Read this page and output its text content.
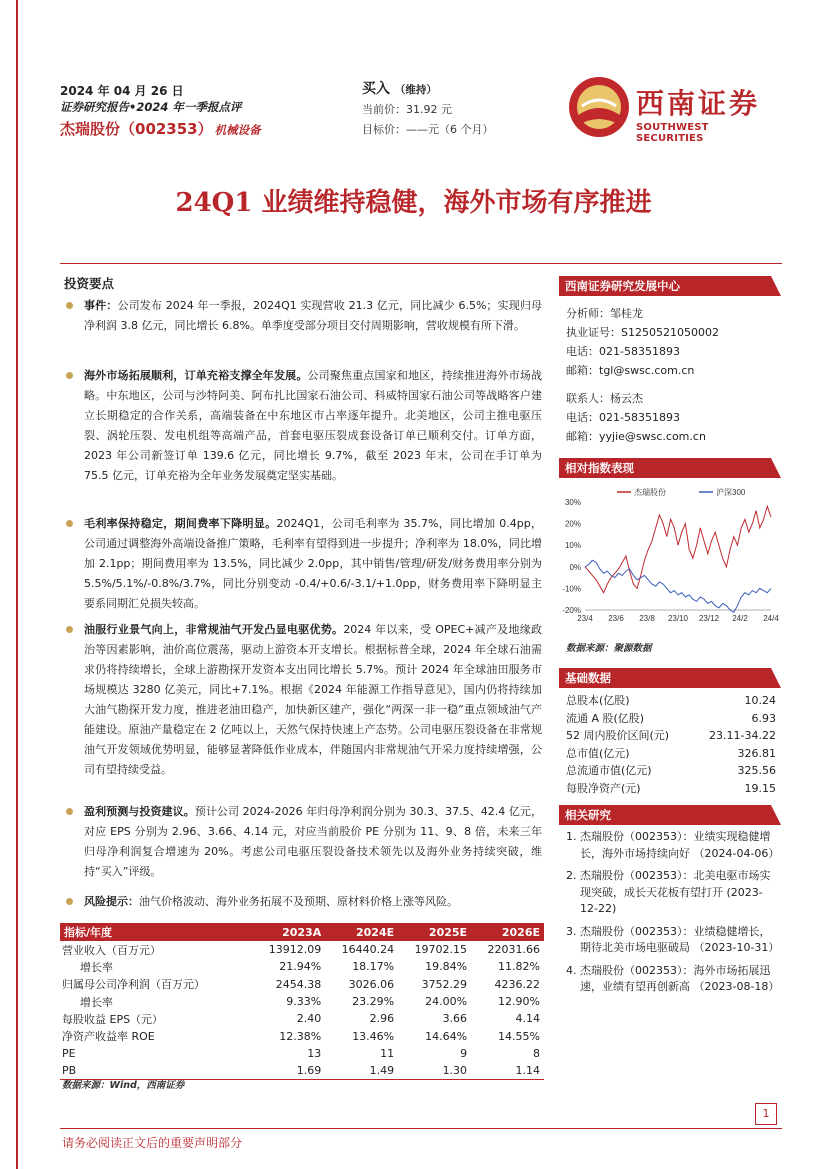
2024 年 04 月 26 日
证券研究报告•2024 年一季报点评
杰瑞股份（002353） 机械设备
买入 （维持）
当前价：31.92 元
目标价：——元（6 个月）
西南证券
SOUTHWEST SECURITIES
24Q1 业绩维持稳健，海外市场有序推进
投资要点

事件：公司发布 2024 年一季报，2024Q1 实现营收 21.3 亿元，同比减少 6.5%；实现归母净利润 3.8 亿元，同比增长 6.8%。单季度受部分项目交付周期影响，营收规模有所下滑。

海外市场拓展顺利，订单充裕支撑全年发展。公司聚焦重点国家和地区，持续推进海外市场战略。中东地区，公司与沙特阿美、阿布扎比国家石油公司、科威特国家石油公司等战略客户建立长期稳定的合作关系，高端装备在中东地区市占率逐年提升。北美地区，公司主推电驱压裂、涡轮压裂、发电机组等高端产品，首套电驱压裂成套设备订单已顺利交付。订单方面，2023 年公司新签订单 139.6 亿元，同比增长 9.7%，截至 2023 年末，公司在手订单为 75.5 亿元，订单充裕为全年业务发展奠定坚实基础。

毛利率保持稳定，期间费率下降明显。2024Q1，公司毛利率为 35.7%，同比增加 0.4pp，公司通过调整海外高端设备推广策略，毛利率有望得到进一步提升；净利率为 18.0%，同比增加 2.1pp；期间费用率为 13.5%，同比减少 2.0pp，其中销售/管理/研发/财务费用率分别为 5.5%/5.1%/-0.8%/3.7%，同比分别变动 -0.4/+0.6/-3.1/+1.0pp，财务费用率下降明显主要系同期汇兑损失较高。

油服行业景气向上，非常规油气开发凸显电驱优势。2024 年以来，受 OPEC+减产及地缘政治等因素影响，油价高位震荡，驱动上游资本开支增长。根据标普全球，2024 年全球石油需求仍将持续增长，全球上游勘探开发资本支出同比增长 5.7%。预计 2024 年全球油田服务市场规模达 3280 亿美元，同比+7.1%。根据《2024 年能源工作指导意见》，国内仍将持续加大油气勘探开发力度，推进老油田稳产，加快新区建产，强化“两深一非一稳”重点领域油气产能建设。原油产量稳定在 2 亿吨以上，天然气保持快速上产态势。公司电驱压裂设备在非常规油气开发领域优势明显，能够显著降低作业成本，伴随国内非常规油气开采力度持续增强，公司有望持续受益。

盈利预测与投资建议。预计公司 2024-2026 年归母净利润分别为 30.3、37.5、42.4 亿元，对应 EPS 分别为 2.96、3.66、4.14 元，对应当前股价 PE 分别为 11、9、8 倍，未来三年归母净利润复合增速为 20%。考虑公司电驱压裂设备技术领先以及海外业务持续突破，维持“买入”评级。

风险提示：油气价格波动、海外业务拓展不及预期、原材料价格上涨等风险。

指标/年度	2023A	2024E	2025E	2026E
营业收入（百万元）	13912.09	16440.24	19702.15	22031.66
增长率	21.94%	18.17%	19.84%	11.82%
归属母公司净利润（百万元）	2454.38	3026.06	3752.29	4236.22
增长率	9.33%	23.29%	24.00%	12.90%
每股收益 EPS（元）	2.40	2.96	3.66	4.14
净资产收益率 ROE	12.38%	13.46%	14.64%	14.55%
PE	13	11	9	8
PB	1.69	1.49	1.30	1.14
数据来源：Wind，西南证券
西南证券研究发展中心
分析师：邹桂龙
执业证号：S1250521050002
电话：021-58351893
邮箱：tgl@swsc.com.cn
联系人：杨云杰
电话：021-58351893
邮箱：yyjie@swsc.com.cn
相对指数表现
30%
20%
10%
0%
-10%
-20%
23/4 23/6 23/8 23/10 23/12 24/2 24/4
杰瑞股份	沪深300
数据来源：聚源数据
基础数据
总股本(亿股)	10.24
流通 A 股(亿股)	6.93
52 周内股价区间(元)	23.11-34.22
总市值(亿元)	326.81
总流通市值(亿元)	325.56
每股净资产(元)	19.15
相关研究
1. 杰瑞股份（002353）：业绩实现稳健增长，海外市场持续向好 （2024-04-06）
2. 杰瑞股份（002353）：北美电驱市场实现突破，成长天花板有望打开 (2023-12-22)
3. 杰瑞股份（002353）：业绩稳健增长，期待北美市场电驱破局 （2023-10-31）
4. 杰瑞股份（002353）：海外市场拓展迅速，业绩有望再创新高 （2023-08-18）
1
请务必阅读正文后的重要声明部分
